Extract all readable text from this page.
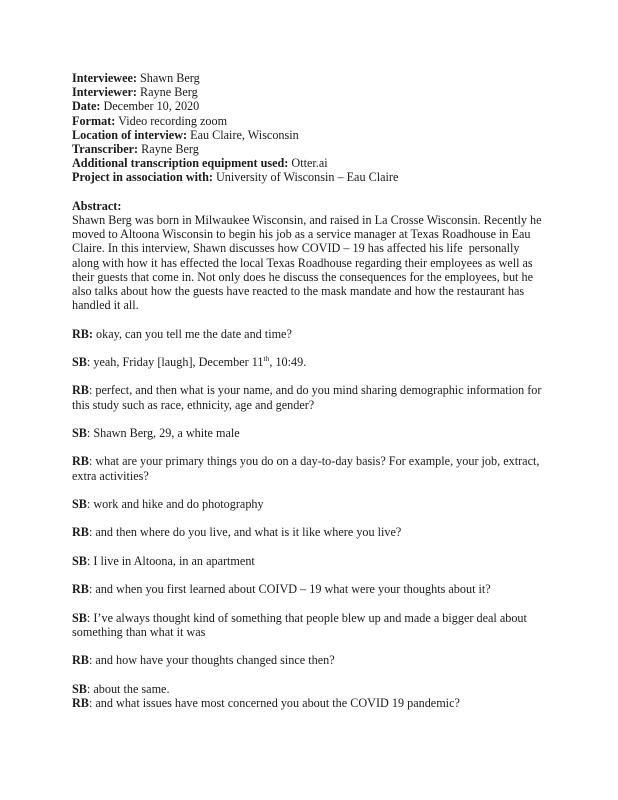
Interviewee: Shawn Berg

Interviewer: Rayne Berg

Date: December 10, 2020

Format: Video recording zoom

Location of interview: Eau Claire, Wisconsin

Transcriber: Rayne Berg

Additional transcription equipment used: Otter.ai

Project in association with: University of Wisconsin – Eau Claire

Abstract:

Shawn Berg was born in Milwaukee Wisconsin, and raised in La Crosse Wisconsin. Recently he moved to Altoona Wisconsin to begin his job as a service manager at Texas Roadhouse in Eau Claire. In this interview, Shawn discusses how COVID – 19 has affected his life  personally along with how it has effected the local Texas Roadhouse regarding their employees as well as their guests that come in. Not only does he discuss the consequences for the employees, but he also talks about how the guests have reacted to the mask mandate and how the restaurant has handled it all.

RB: okay, can you tell me the date and time?

SB: yeah, Friday [laugh], December 11th, 10:49.

RB: perfect, and then what is your name, and do you mind sharing demographic information for this study such as race, ethnicity, age and gender?

SB: Shawn Berg, 29, a white male

RB: what are your primary things you do on a day-to-day basis? For example, your job, extract, extra activities?

SB: work and hike and do photography

RB: and then where do you live, and what is it like where you live?

SB: I live in Altoona, in an apartment

RB: and when you first learned about COIVD – 19 what were your thoughts about it?

SB: I’ve always thought kind of something that people blew up and made a bigger deal about something than what it was

RB: and how have your thoughts changed since then?

SB: about the same.

RB: and what issues have most concerned you about the COVID 19 pandemic?
